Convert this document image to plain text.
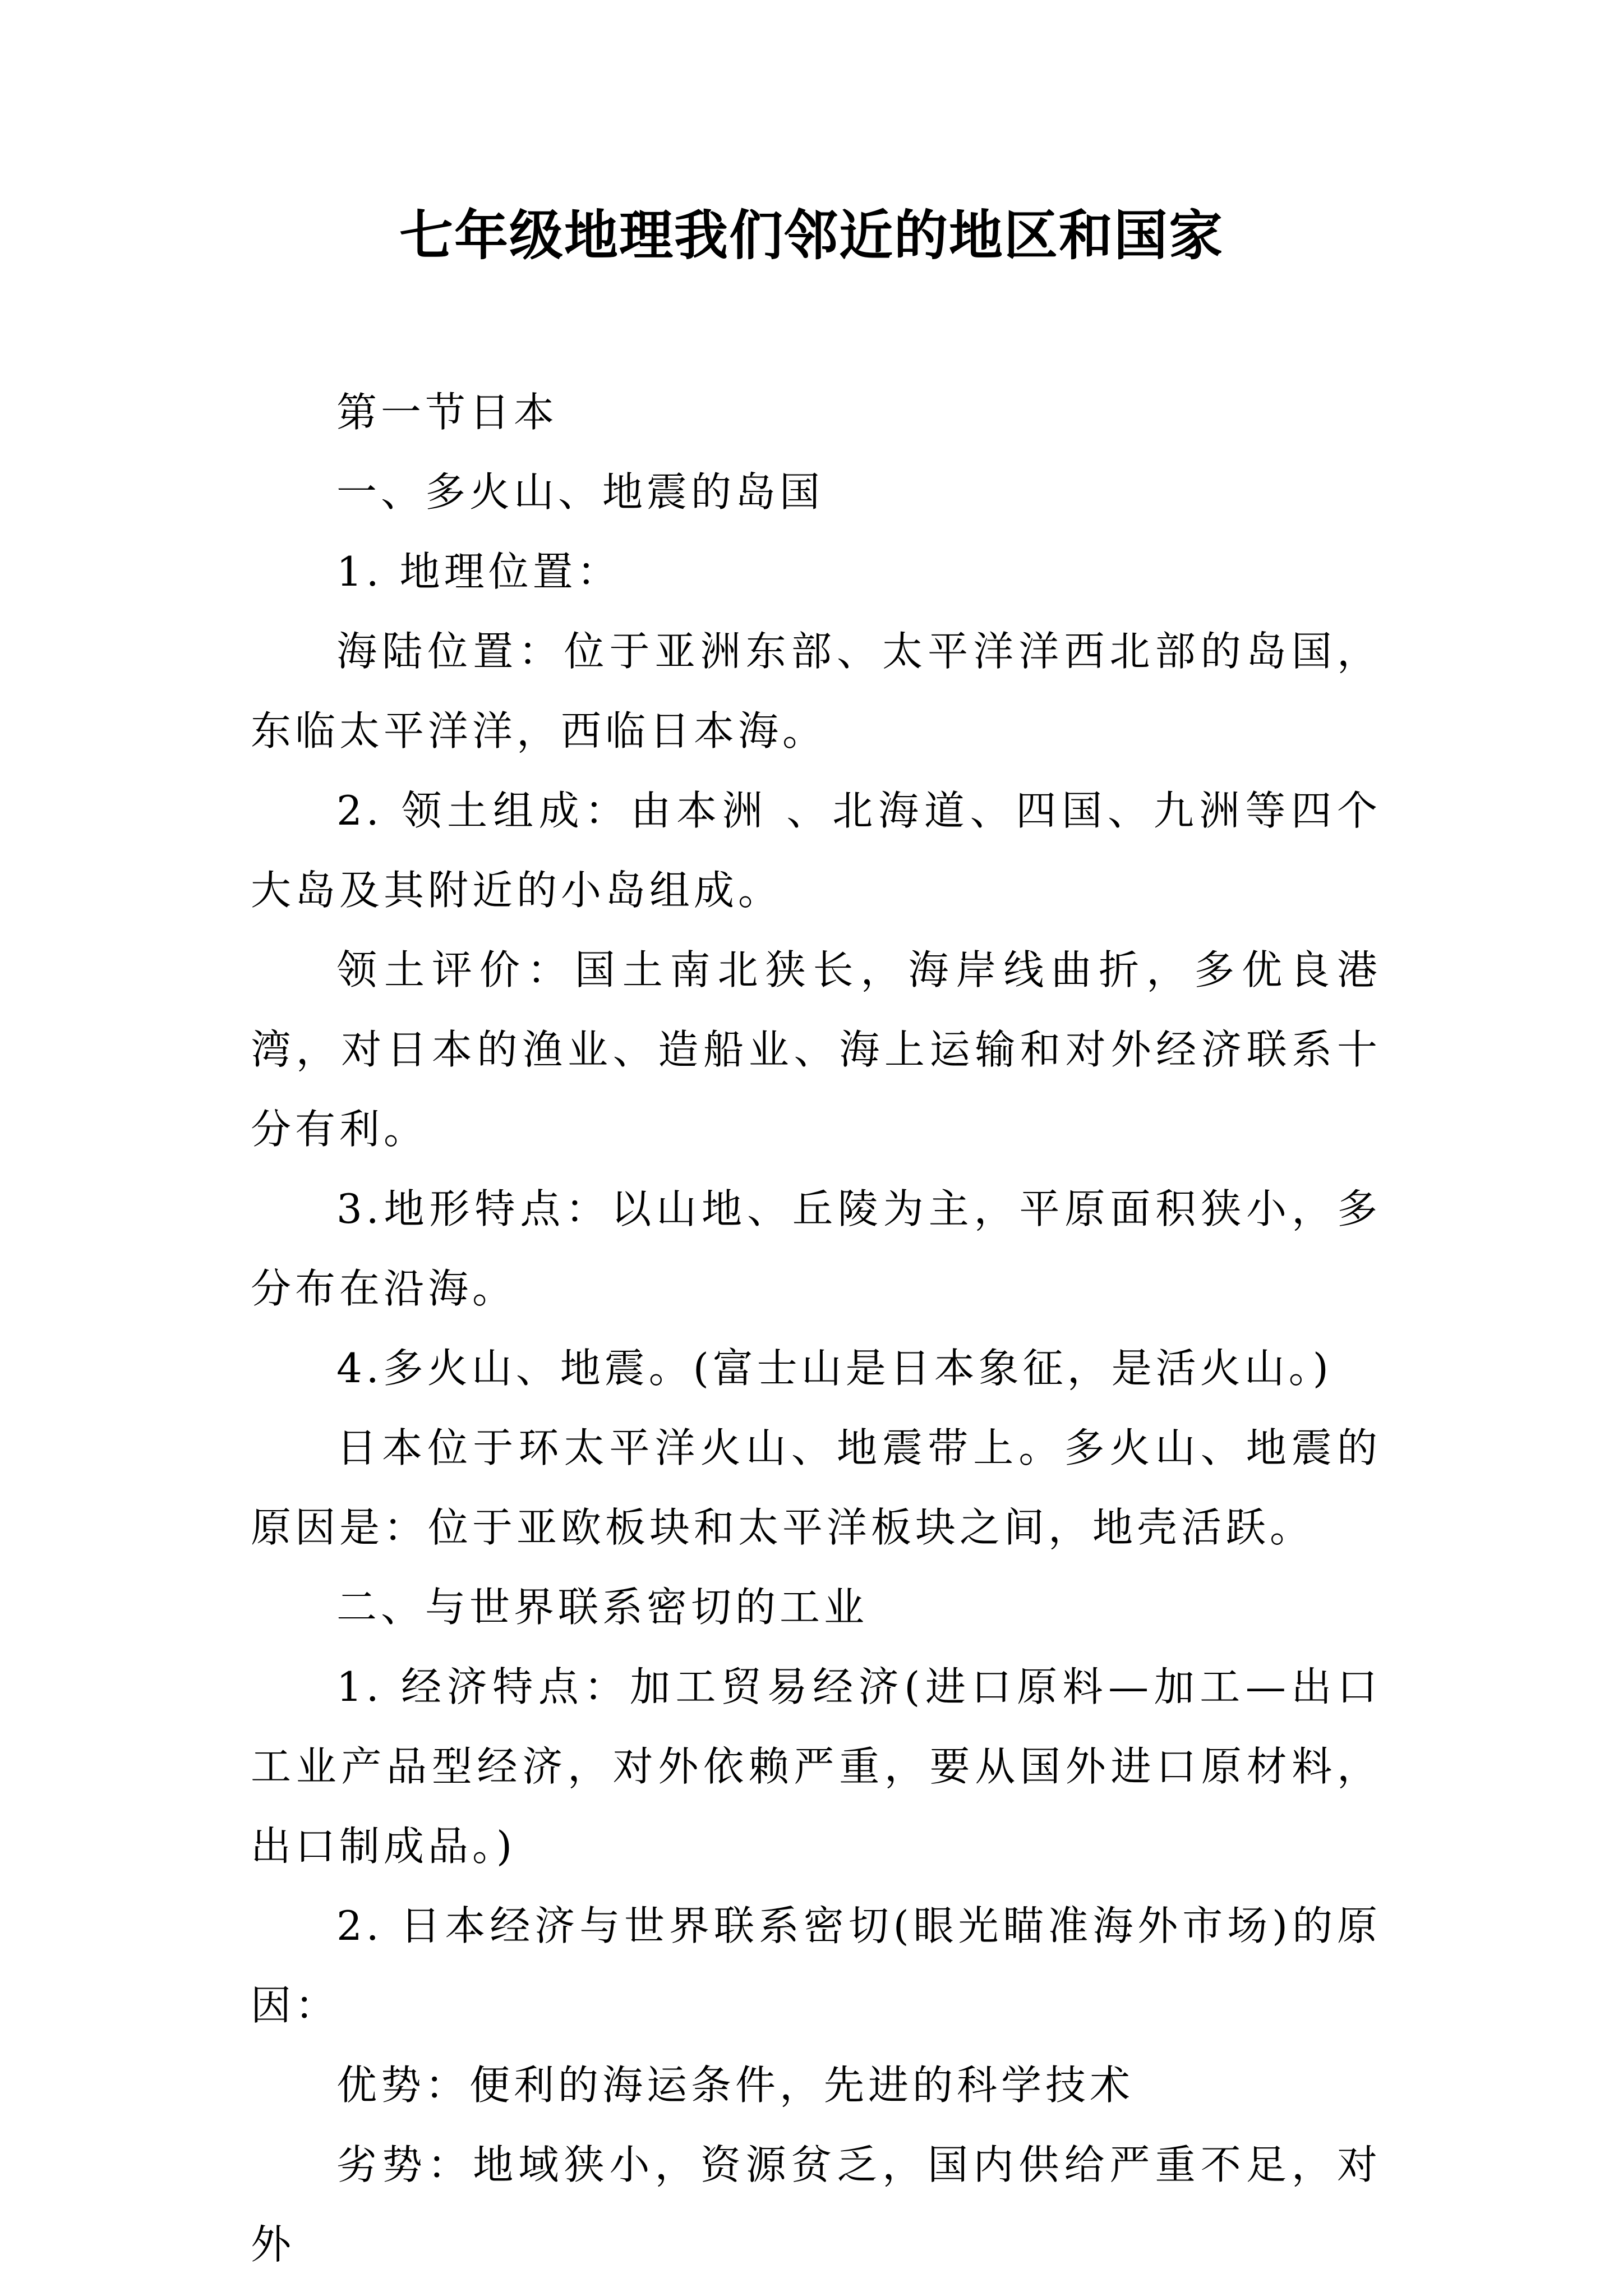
七年级地理我们邻近的地区和国家

第一节日本

一、多火山、地震的岛国

1. 地理位置：

海陆位置：位于亚洲东部、太平洋洋西北部的岛国，东临太平洋洋，西临日本海。

2. 领土组成：由本洲 、北海道、四国、九洲等四个大岛及其附近的小岛组成。

领土评价：国土南北狭长，海岸线曲折，多优良港湾，对日本的渔业、造船业、海上运输和对外经济联系十分有利。

3.地形特点：以山地、丘陵为主，平原面积狭小，多分布在沿海。

4.多火山、地震。(富士山是日本象征，是活火山。)

日本位于环太平洋火山、地震带上。多火山、地震的原因是：位于亚欧板块和太平洋板块之间，地壳活跃。

二、与世界联系密切的工业

1. 经济特点：加工贸易经济(进口原料—加工—出口工业产品型经济，对外依赖严重，要从国外进口原材料，出口制成品。)

2. 日本经济与世界联系密切(眼光瞄准海外市场)的原因：

优势：便利的海运条件，先进的科学技术

劣势：地域狭小，资源贫乏，国内供给严重不足，对外
